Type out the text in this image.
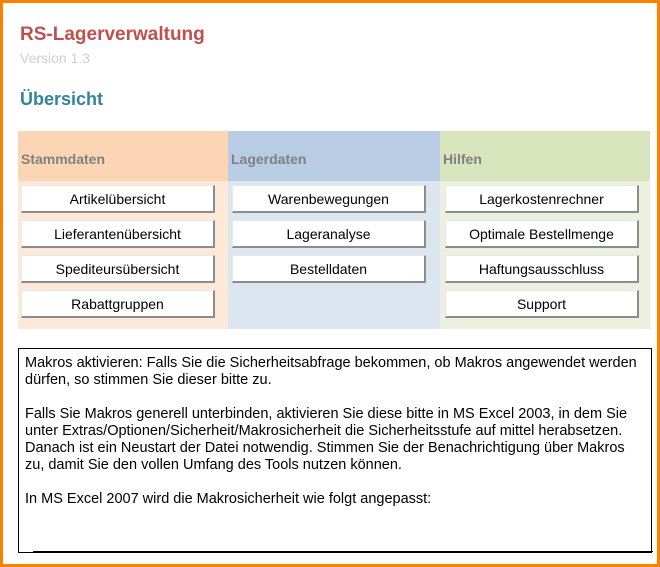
RS-Lagerverwaltung
Version 1.3
Übersicht
Stammdaten
Artikelübersicht
Lieferantenübersicht
Spediteursübersicht
Rabattgruppen
Lagerdaten
Warenbewegungen
Lageranalyse
Bestelldaten
Hilfen
Lagerkostenrechner
Optimale Bestellmenge
Haftungsausschluss
Support

Makros aktivieren: Falls Sie die Sicherheitsabfrage bekommen, ob Makros angewendet werden dürfen, so stimmen Sie dieser bitte zu.

Falls Sie Makros generell unterbinden, aktivieren Sie diese bitte in MS Excel 2003, in dem Sie unter Extras/Optionen/Sicherheit/Makrosicherheit die Sicherheitsstufe auf mittel herabsetzen. Danach ist ein Neustart der Datei notwendig. Stimmen Sie der Benachrichtigung über Makros zu, damit Sie den vollen Umfang des Tools nutzen können.

In MS Excel 2007 wird die Makrosicherheit wie folgt angepasst:
